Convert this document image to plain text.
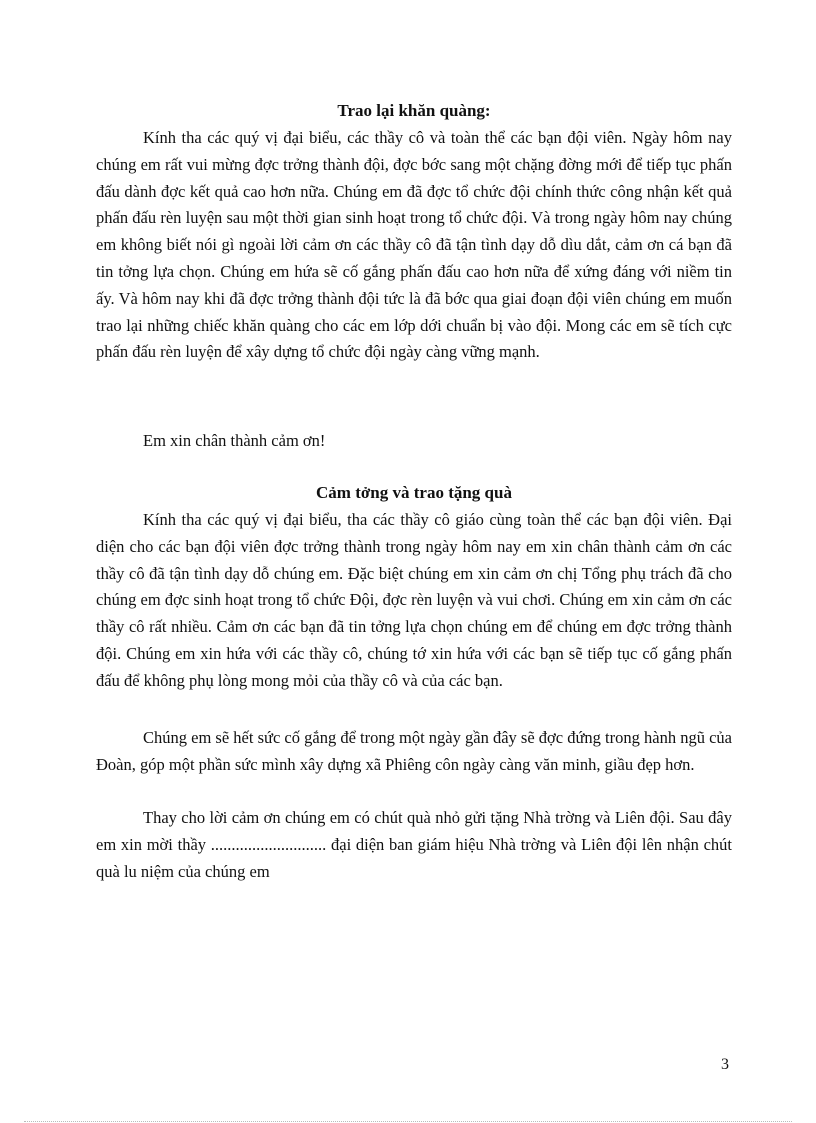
Trao lại khăn quàng:

Kính tha các quý vị đại biểu, các thầy cô và toàn thể các bạn đội viên. Ngày hôm nay chúng em rất vui mừng đợc trởng thành đội, đợc bớc sang một chặng đờng mới để tiếp tục phấn đấu dành đợc kết quả cao hơn nữa. Chúng em đã đợc tổ chức đội chính thức công nhận kết quả phấn đấu rèn luyện sau một thời gian sinh hoạt trong tổ chức đội. Và trong ngày hôm nay chúng em không biết nói gì ngoài lời cảm ơn các thầy cô đã tận tình dạy dỗ dìu dắt, cảm ơn cá bạn đã tin tởng lựa chọn. Chúng em hứa sẽ cố gắng phấn đấu cao hơn nữa để xứng đáng với niềm tin ấy. Và hôm nay khi đã đợc trởng thành đội tức là đã bớc qua giai đoạn đội viên chúng em muốn trao lại những chiếc khăn quàng cho các em lớp dới chuẩn bị vào đội. Mong các em sẽ tích cực phấn đấu rèn luyện để xây dựng tổ chức đội ngày càng vững mạnh.

Em xin chân thành cảm ơn!

Cảm tởng và trao tặng quà

Kính tha các quý vị đại biểu, tha các thầy cô giáo cùng toàn thể các bạn đội viên. Đại diện cho các bạn đội viên đợc trởng thành trong ngày hôm nay em xin chân thành cảm ơn các thầy cô đã tận tình dạy dỗ chúng em. Đặc biệt chúng em xin cảm ơn chị Tổng phụ trách đã cho chúng em đợc sinh hoạt trong tổ chức Đội, đợc rèn luyện và vui chơi. Chúng em xin cảm ơn các thầy cô rất nhiều. Cảm ơn các bạn đã tin tởng lựa chọn chúng em để chúng em đợc trởng thành đội. Chúng em xin hứa với các thầy cô, chúng tớ xin hứa với các bạn sẽ tiếp tục cố gắng phấn đấu để không phụ lòng mong mỏi của thầy cô và của các bạn.

Chúng em sẽ hết sức cố gắng để trong một ngày gần đây sẽ đợc đứng trong hành ngũ của Đoàn, góp một phần sức mình xây dựng xã Phiêng côn ngày càng văn minh, giầu đẹp hơn.

Thay cho lời cảm ơn chúng em có chút quà nhỏ gửi tặng Nhà trờng và Liên đội. Sau đây em xin mời thầy ............................ đại diện ban giám hiệu Nhà trờng và Liên đội lên nhận chút quà lu niệm của chúng em

3
